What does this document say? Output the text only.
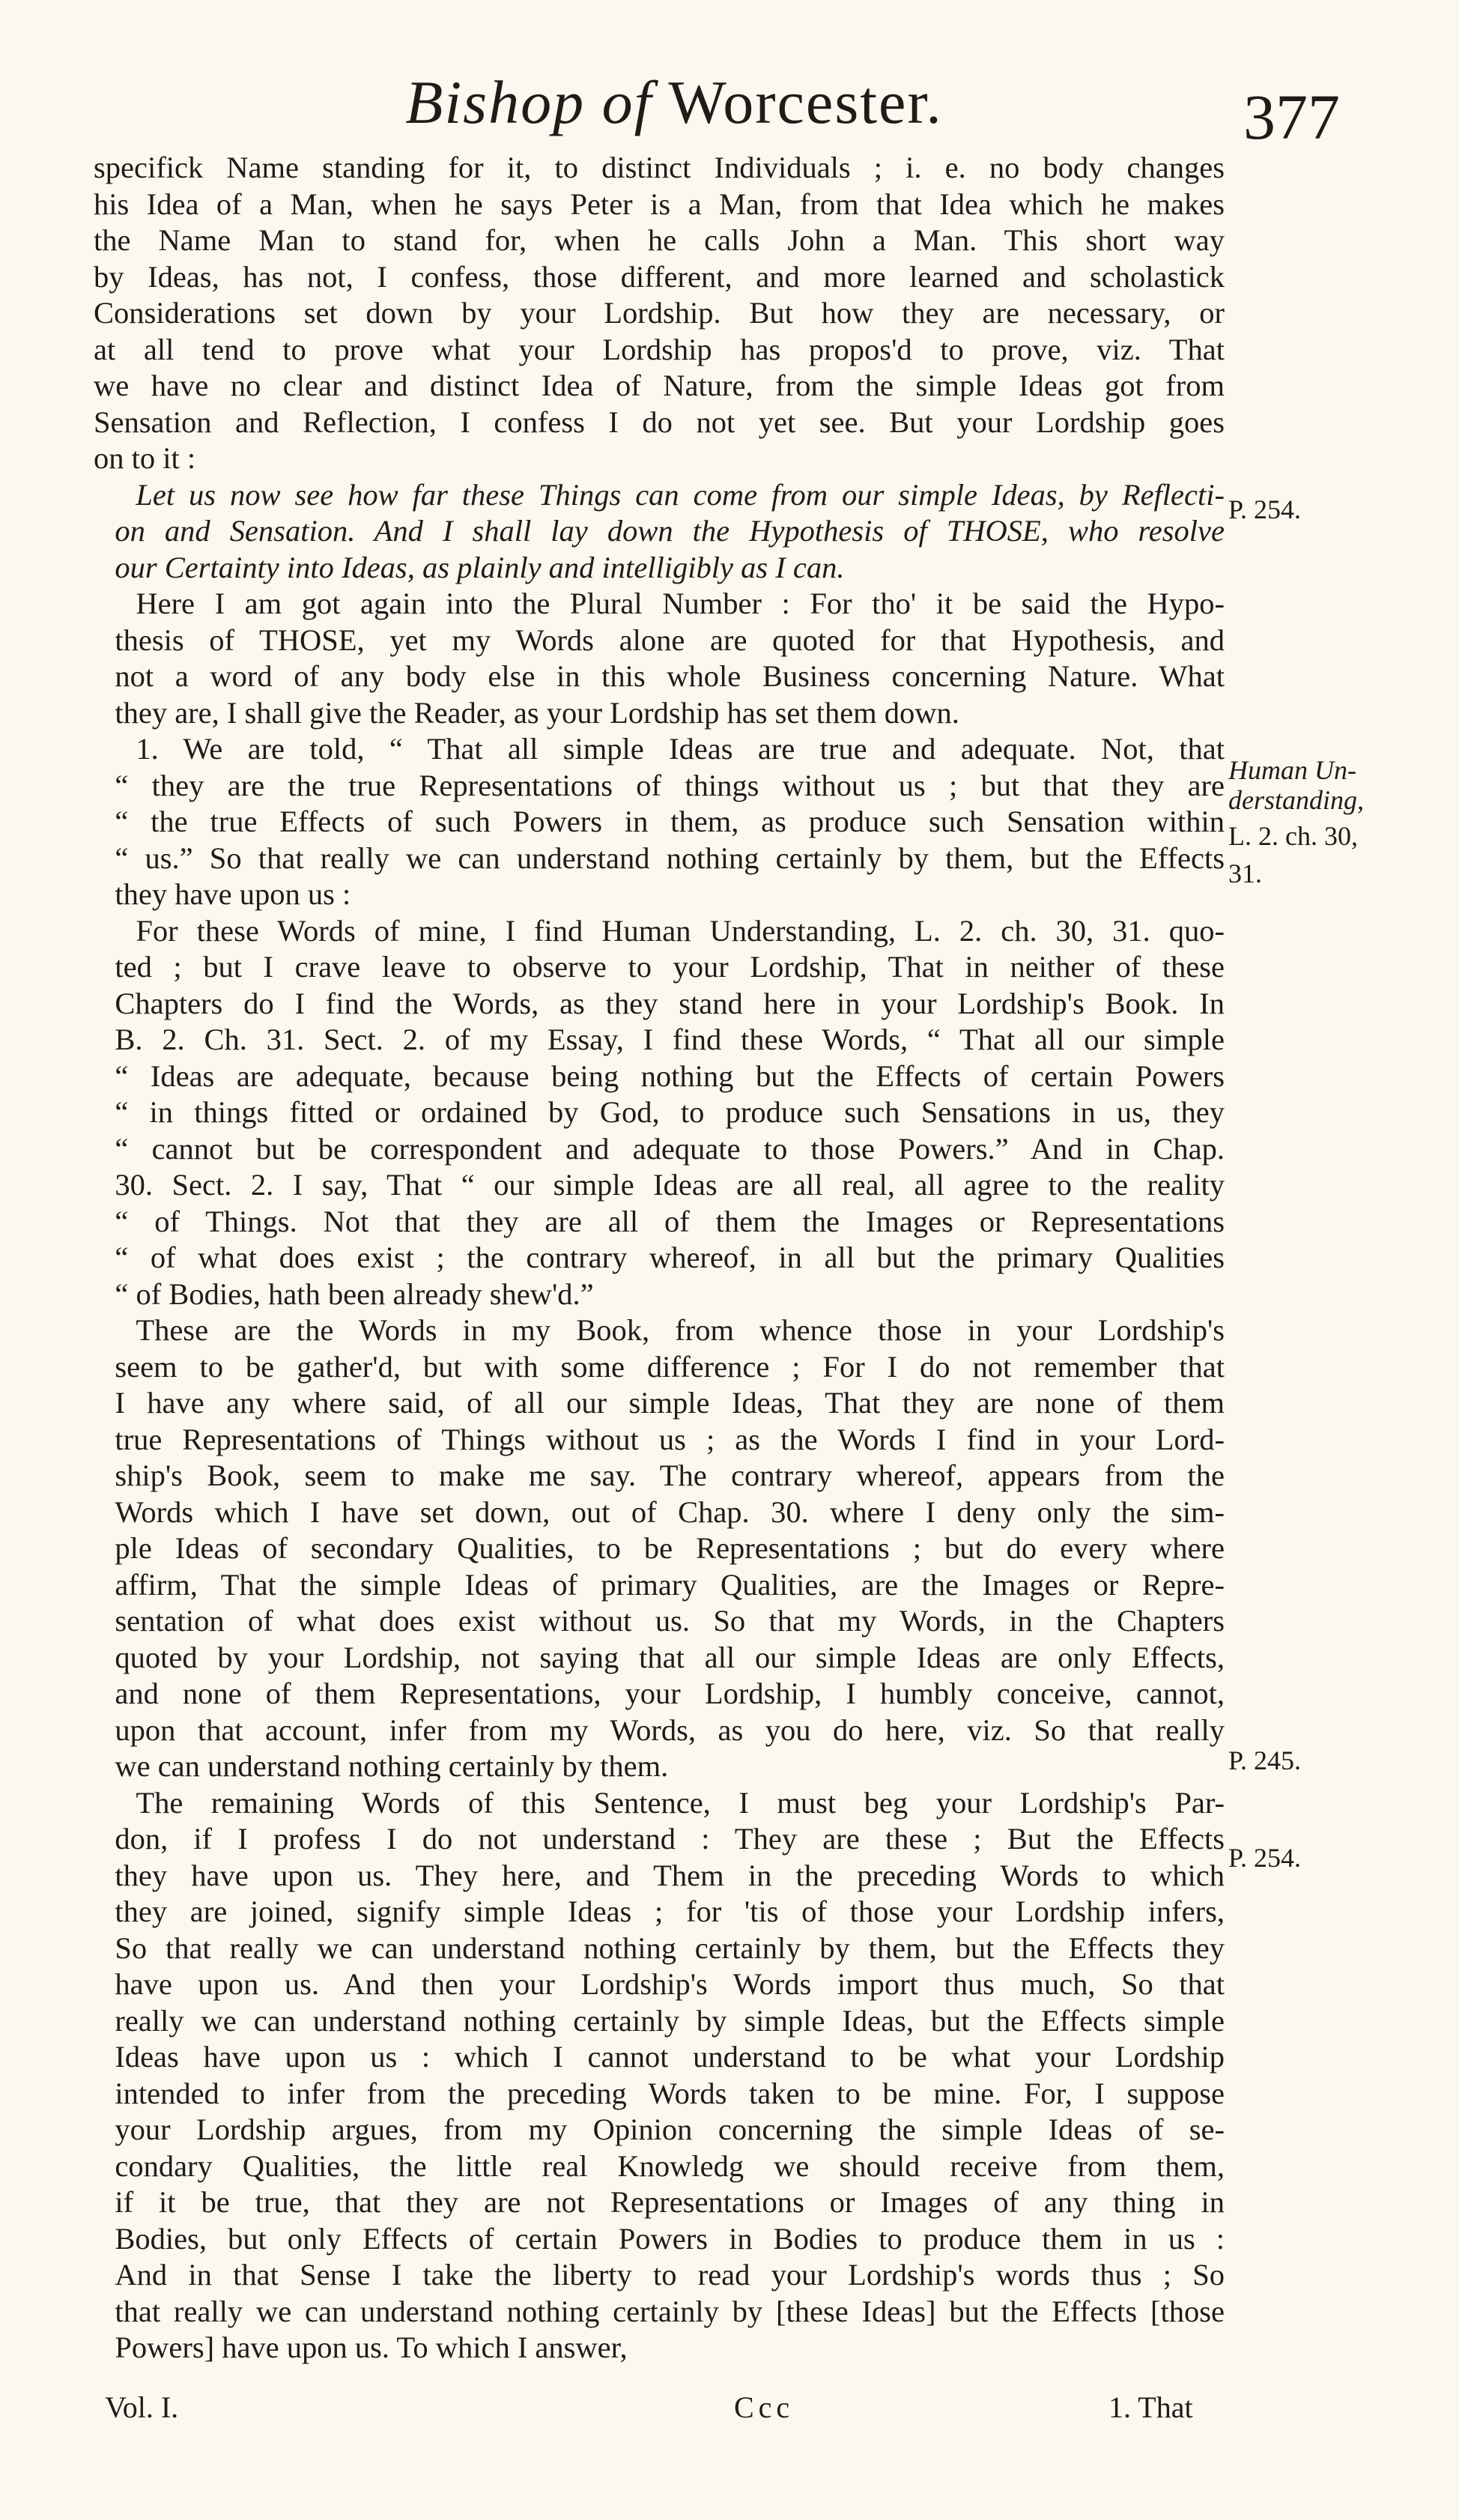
Bishop of Worcester.	377

specifick Name standing for it, to distinct Individuals ; i. e. no body changes
his Idea of a Man, when he says Peter is a Man, from that Idea which he makes
the Name Man to stand for, when he calls John a Man. This short way
by Ideas, has not, I confess, those different, and more learned and scholastick
Considerations set down by your Lordship. But how they are necessary, or
at all tend to prove what your Lordship has propos'd to prove, viz. That
we have no clear and distinct Idea of Nature, from the simple Ideas got from
Sensation and Reflection, I confess I do not yet see. But your Lordship goes
on to it :

Let us now see how far these Things can come from our simple Ideas, by Reflecti-
on and Sensation. And I shall lay down the Hypothesis of THOSE, who resolve
our Certainty into Ideas, as plainly and intelligibly as I can.

Here I am got again into the Plural Number : For tho' it be said the Hypo-
thesis of THOSE, yet my Words alone are quoted for that Hypothesis, and
not a word of any body else in this whole Business concerning Nature. What
they are, I shall give the Reader, as your Lordship has set them down.

1. We are told, “ That all simple Ideas are true and adequate. Not, that
“ they are the true Representations of things without us ; but that they are
“ the true Effects of such Powers in them, as produce such Sensation within
“ us.” So that really we can understand nothing certainly by them, but the Effects
they have upon us :

For these Words of mine, I find Human Understanding, L. 2. ch. 30, 31. quo-
ted ; but I crave leave to observe to your Lordship, That in neither of these
Chapters do I find the Words, as they stand here in your Lordship's Book. In
B. 2. Ch. 31. Sect. 2. of my Essay, I find these Words, “ That all our simple
“ Ideas are adequate, because being nothing but the Effects of certain Powers
“ in things fitted or ordained by God, to produce such Sensations in us, they
“ cannot but be correspondent and adequate to those Powers.” And in Chap.
30. Sect. 2. I say, That “ our simple Ideas are all real, all agree to the reality
“ of Things. Not that they are all of them the Images or Representations
“ of what does exist ; the contrary whereof, in all but the primary Qualities
“ of Bodies, hath been already shew'd.”

These are the Words in my Book, from whence those in your Lordship's
seem to be gather'd, but with some difference ; For I do not remember that
I have any where said, of all our simple Ideas, That they are none of them
true Representations of Things without us ; as the Words I find in your Lord-
ship's Book, seem to make me say. The contrary whereof, appears from the
Words which I have set down, out of Chap. 30. where I deny only the sim-
ple Ideas of secondary Qualities, to be Representations ; but do every where
affirm, That the simple Ideas of primary Qualities, are the Images or Repre-
sentation of what does exist without us. So that my Words, in the Chapters
quoted by your Lordship, not saying that all our simple Ideas are only Effects,
and none of them Representations, your Lordship, I humbly conceive, cannot,
upon that account, infer from my Words, as you do here, viz. So that really
we can understand nothing certainly by them.

The remaining Words of this Sentence, I must beg your Lordship's Par-
don, if I profess I do not understand : They are these ; But the Effects
they have upon us. They here, and Them in the preceding Words to which
they are joined, signify simple Ideas ; for 'tis of those your Lordship infers,
So that really we can understand nothing certainly by them, but the Effects they
have upon us. And then your Lordship's Words import thus much, So that
really we can understand nothing certainly by simple Ideas, but the Effects simple
Ideas have upon us : which I cannot understand to be what your Lordship
intended to infer from the preceding Words taken to be mine. For, I suppose
your Lordship argues, from my Opinion concerning the simple Ideas of se-
condary Qualities, the little real Knowledg we should receive from them,
if it be true, that they are not Representations or Images of any thing in
Bodies, but only Effects of certain Powers in Bodies to produce them in us :
And in that Sense I take the liberty to read your Lordship's words thus ; So
that really we can understand nothing certainly by [these Ideas] but the Effects [those
Powers] have upon us. To which I answer,

P. 254.
Human Un-
derstanding,
L. 2. ch. 30,
31.
P. 245.
P. 254.
Vol. I.	Ccc	1. That
